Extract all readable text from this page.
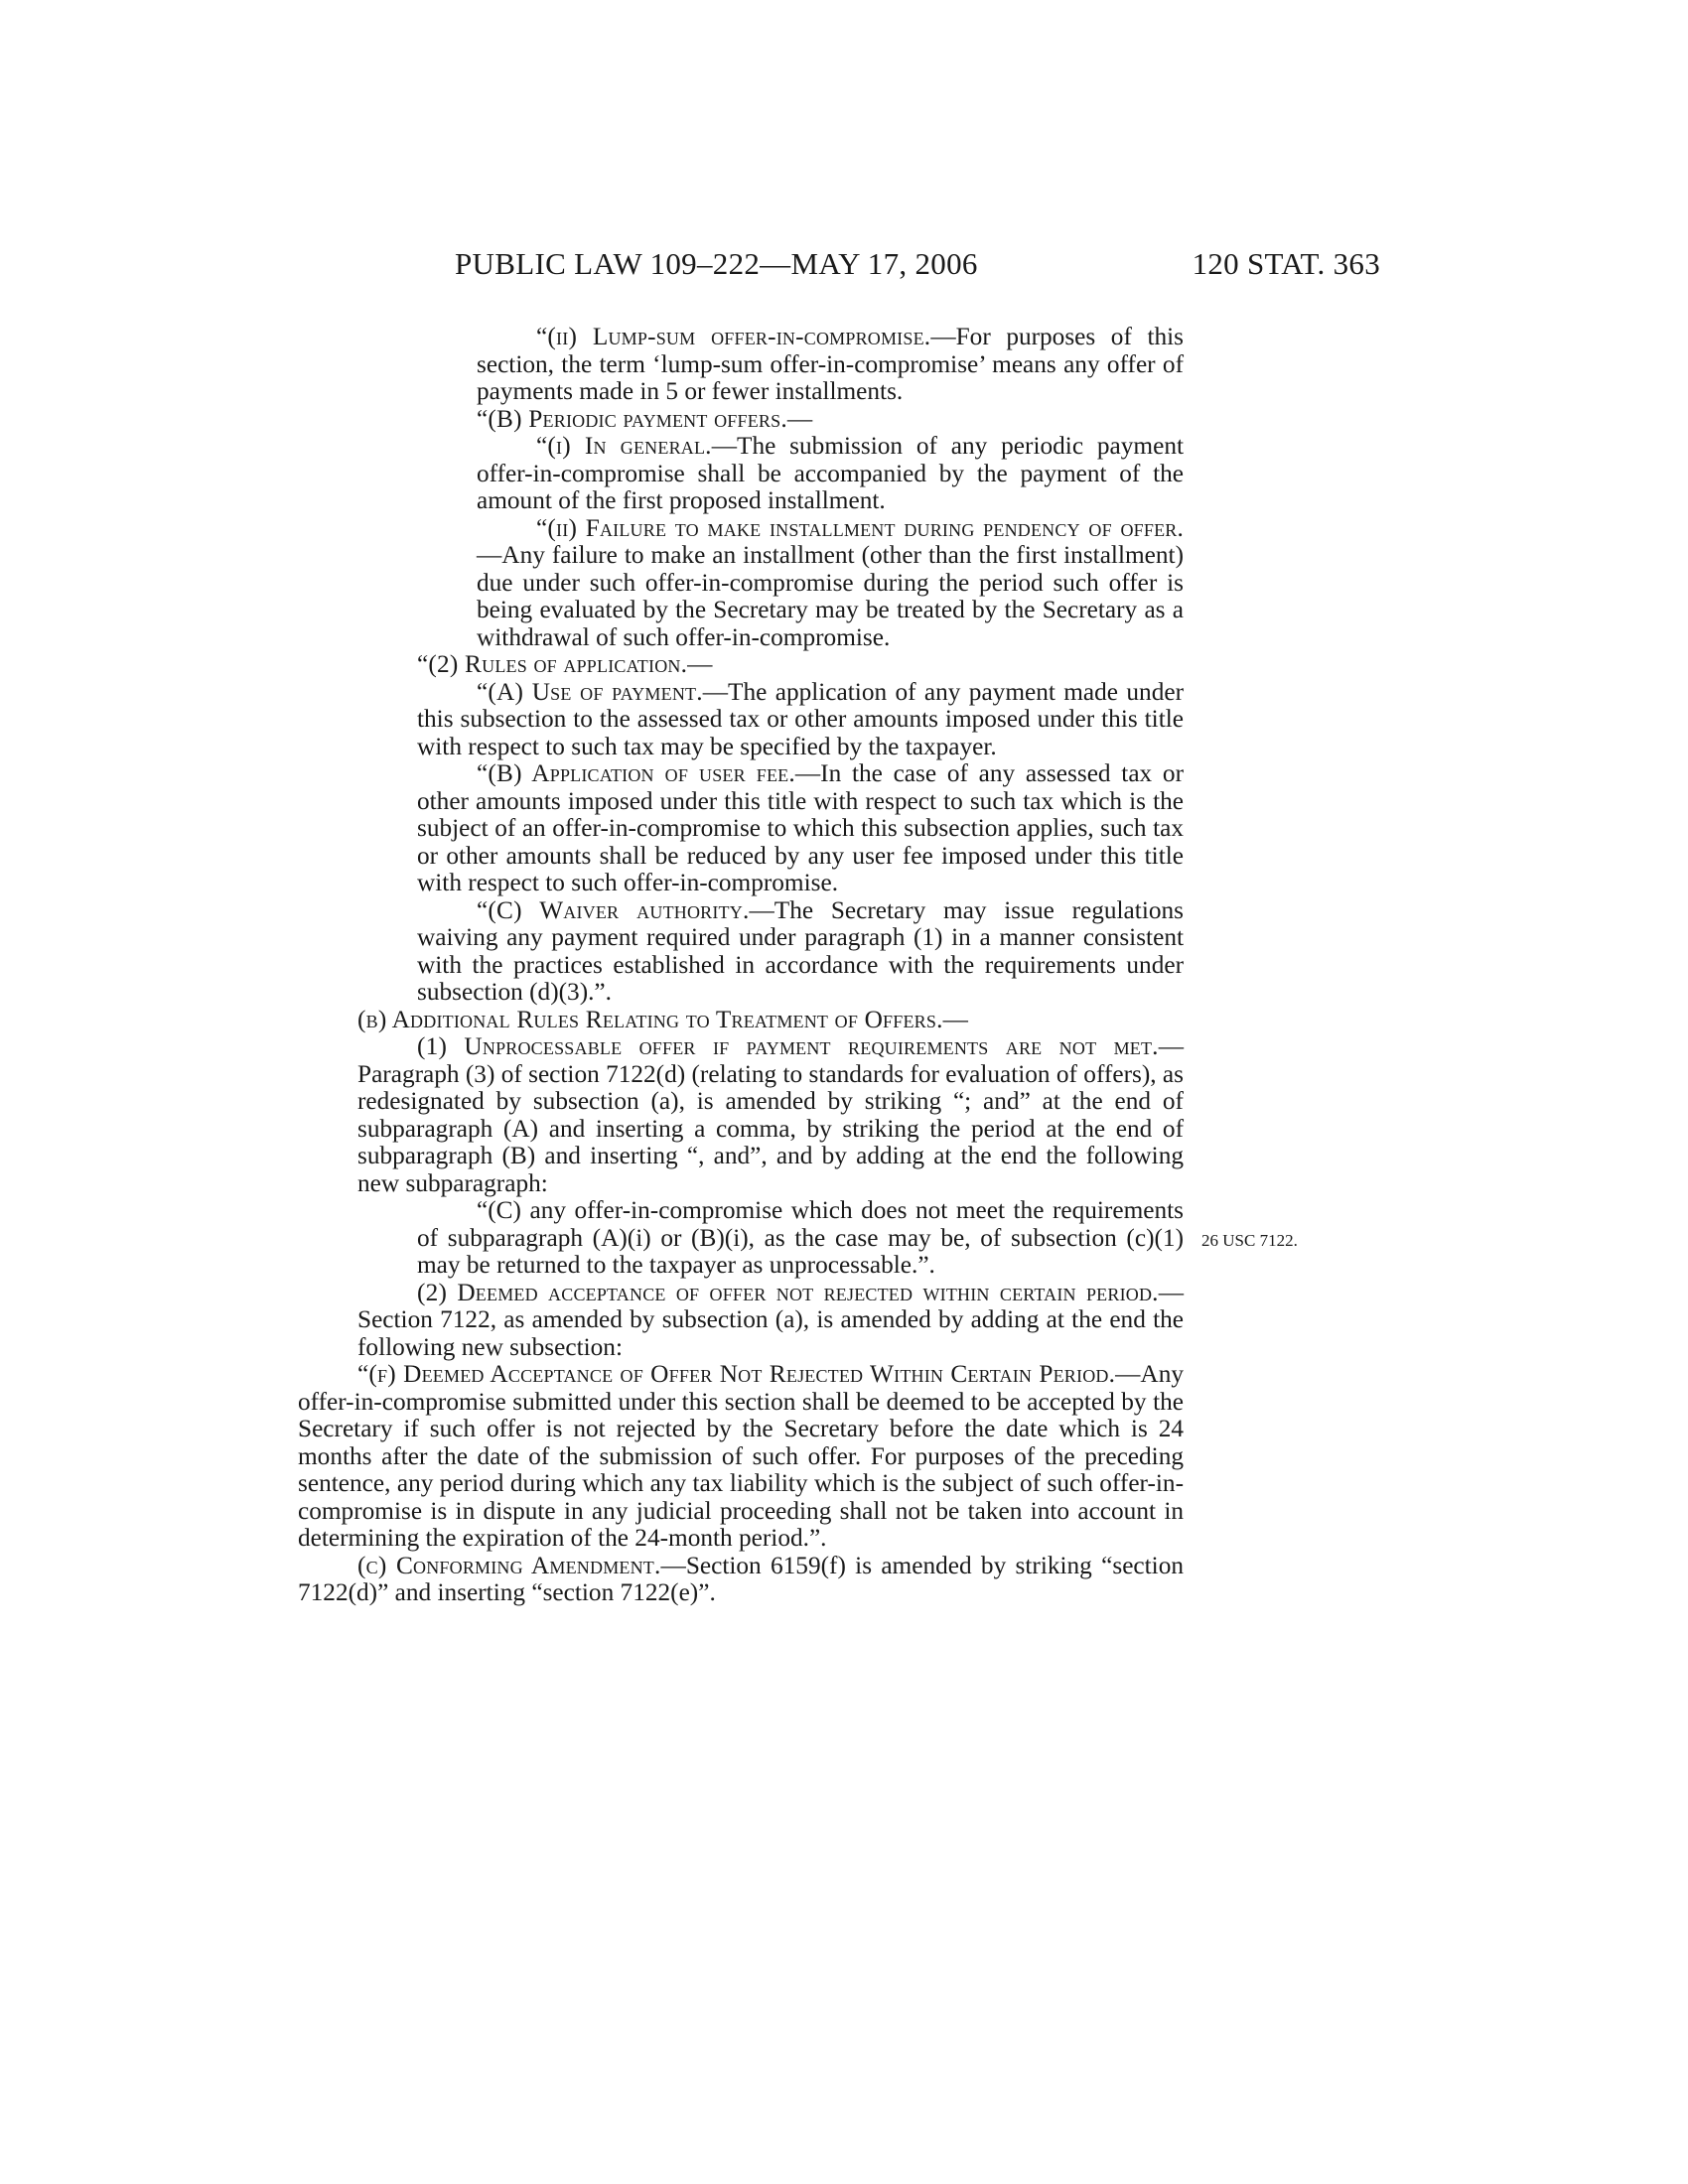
PUBLIC LAW 109–222—MAY 17, 2006	120 STAT. 363

“(ii) Lump-sum offer-in-compromise.—For purposes of this section, the term ‘lump-sum offer-in-compromise’ means any offer of payments made in 5 or fewer installments.

“(B) Periodic payment offers.—

“(i) In general.—The submission of any periodic payment offer-in-compromise shall be accompanied by the payment of the amount of the first proposed installment.

“(ii) Failure to make installment during pendency of offer.—Any failure to make an installment (other than the first installment) due under such offer-in-compromise during the period such offer is being evaluated by the Secretary may be treated by the Secretary as a withdrawal of such offer-in-compromise.

“(2) Rules of application.—

“(A) Use of payment.—The application of any payment made under this subsection to the assessed tax or other amounts imposed under this title with respect to such tax may be specified by the taxpayer.

“(B) Application of user fee.—In the case of any assessed tax or other amounts imposed under this title with respect to such tax which is the subject of an offer-in-compromise to which this subsection applies, such tax or other amounts shall be reduced by any user fee imposed under this title with respect to such offer-in-compromise.

“(C) Waiver authority.—The Secretary may issue regulations waiving any payment required under paragraph (1) in a manner consistent with the practices established in accordance with the requirements under subsection (d)(3).”.

(b) Additional Rules Relating to Treatment of Offers.—

(1) Unprocessable offer if payment requirements are not met.—Paragraph (3) of section 7122(d) (relating to standards for evaluation of offers), as redesignated by subsection (a), is amended by striking “; and” at the end of subparagraph (A) and inserting a comma, by striking the period at the end of subparagraph (B) and inserting “, and”, and by adding at the end the following new subparagraph:

“(C) any offer-in-compromise which does not meet the requirements of subparagraph (A)(i) or (B)(i), as the case may be, of subsection (c)(1) may be returned to the taxpayer as unprocessable.”.

(2) Deemed acceptance of offer not rejected within certain period.—Section 7122, as amended by subsection (a), is amended by adding at the end the following new subsection:

“(f) Deemed Acceptance of Offer Not Rejected Within Certain Period.—Any offer-in-compromise submitted under this section shall be deemed to be accepted by the Secretary if such offer is not rejected by the Secretary before the date which is 24 months after the date of the submission of such offer. For purposes of the preceding sentence, any period during which any tax liability which is the subject of such offer-in-compromise is in dispute in any judicial proceeding shall not be taken into account in determining the expiration of the 24-month period.”.

(c) Conforming Amendment.—Section 6159(f) is amended by striking “section 7122(d)” and inserting “section 7122(e)”.

26 USC 7122.
